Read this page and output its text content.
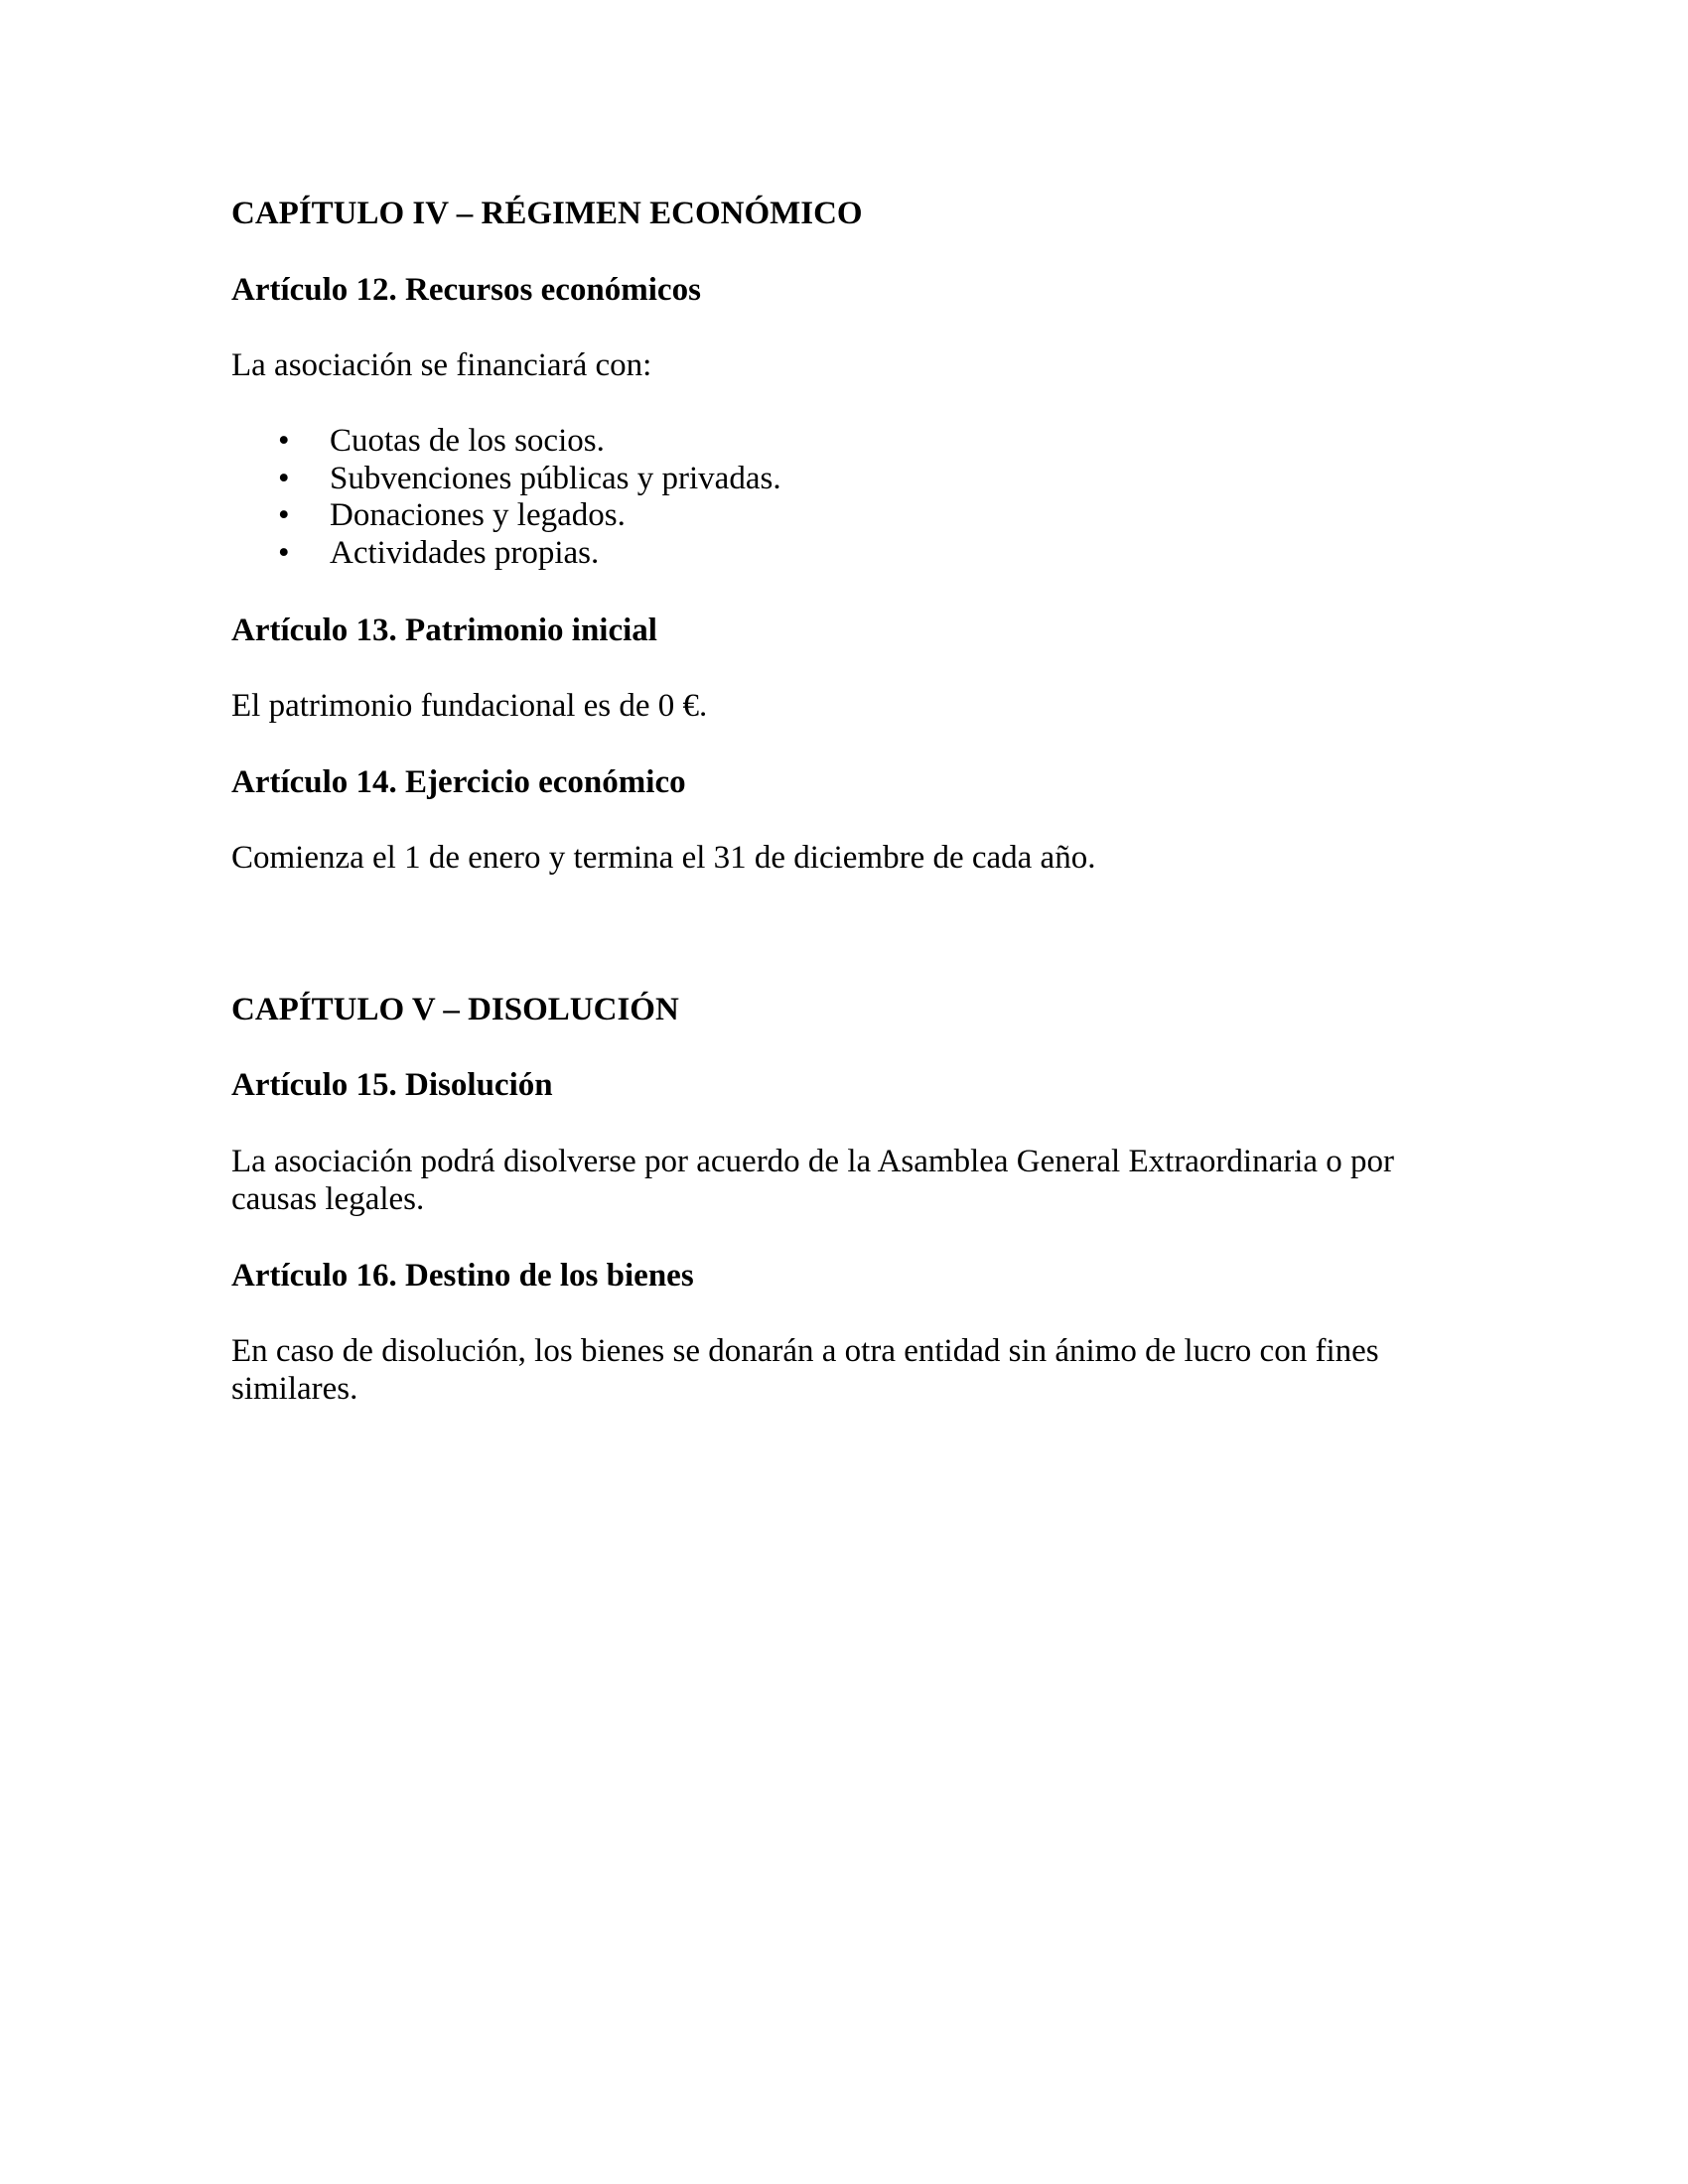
CAPÍTULO IV – RÉGIMEN ECONÓMICO
Artículo 12. Recursos económicos

La asociación se financiará con:

• Cuotas de los socios.
• Subvenciones públicas y privadas.
• Donaciones y legados.
• Actividades propias.
Artículo 13. Patrimonio inicial

El patrimonio fundacional es de 0 €.

Artículo 14. Ejercicio económico

Comienza el 1 de enero y termina el 31 de diciembre de cada año.

CAPÍTULO V – DISOLUCIÓN
Artículo 15. Disolución

La asociación podrá disolverse por acuerdo de la Asamblea General Extraordinaria o por causas legales.

Artículo 16. Destino de los bienes

En caso de disolución, los bienes se donarán a otra entidad sin ánimo de lucro con fines similares.
